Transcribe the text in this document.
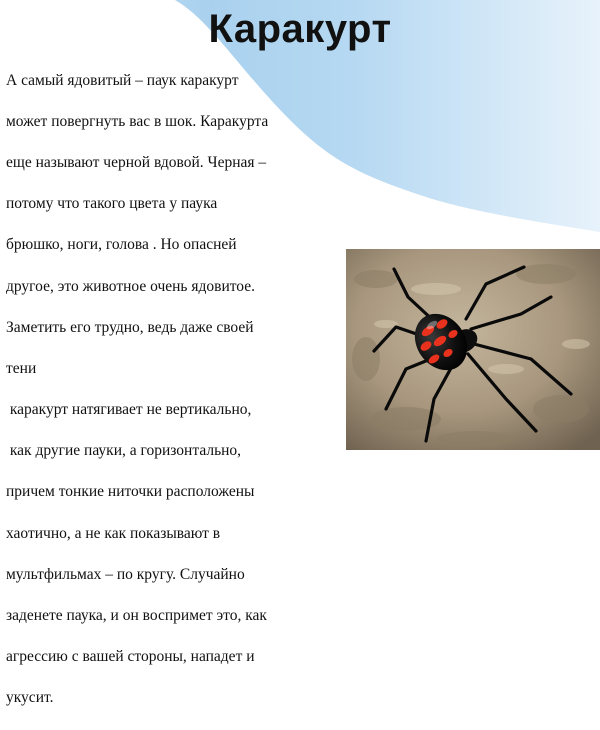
Каракурт

А самый ядовитый – паук каракурт

может повергнуть вас в шок. Каракурта

еще называют черной вдовой. Черная –

потому что такого цвета у паука

брюшко, ноги, голова . Но опасней

другое, это животное очень ядовитое.

Заметить его трудно, ведь даже своей

тени

каракурт натягивает не вертикально,

как другие пауки, а горизонтально,

причем тонкие ниточки расположены

хаотично, а не как показывают в

мультфильмах – по кругу. Случайно

заденете паука, и он воспримет это, как

агрессию с вашей стороны, нападет и

укусит.
